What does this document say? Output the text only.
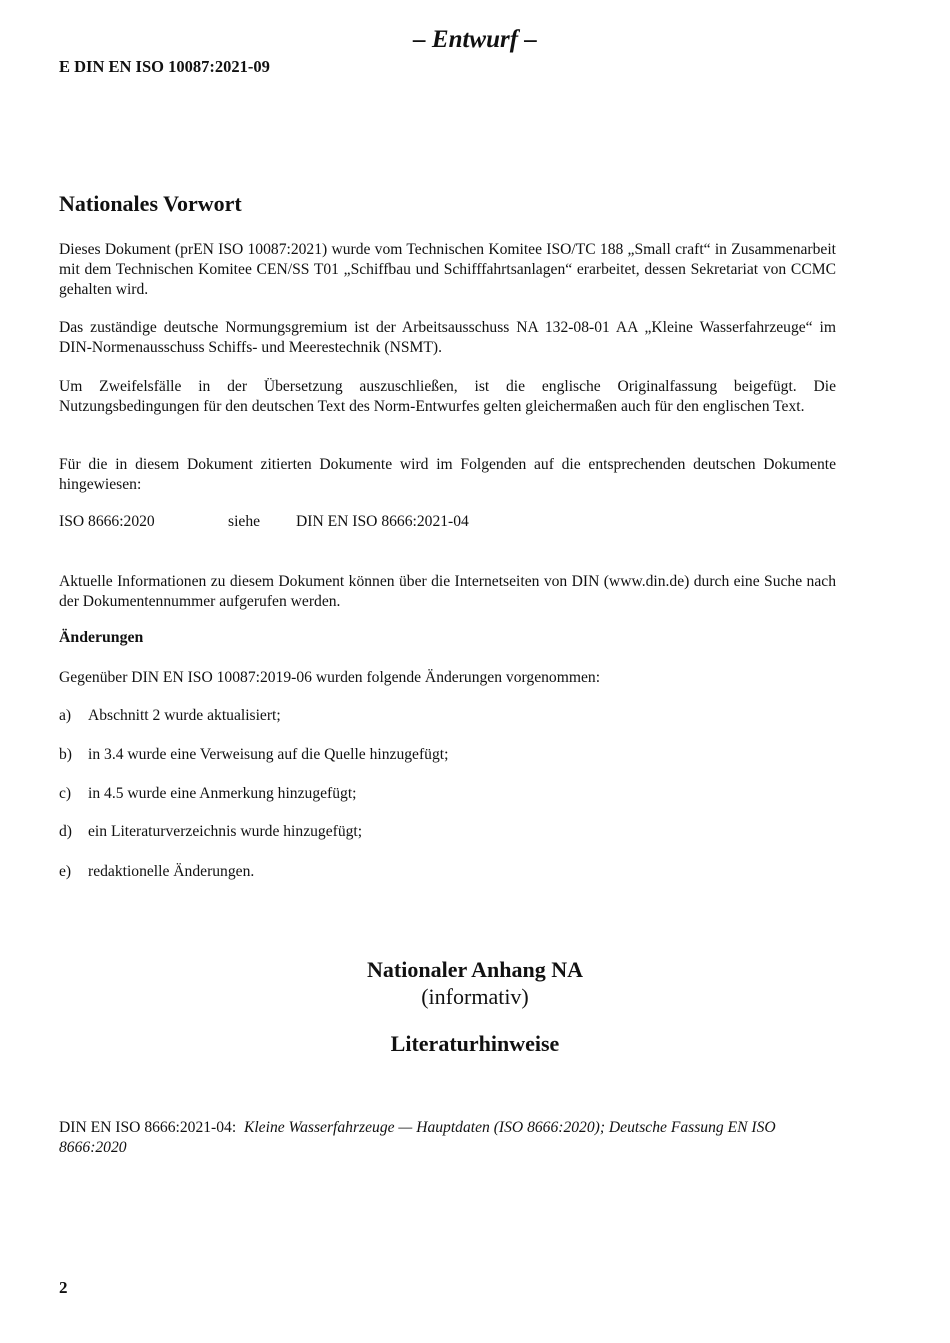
– Entwurf –
E DIN EN ISO 10087:2021-09
Nationales Vorwort

Dieses Dokument (prEN ISO 10087:2021) wurde vom Technischen Komitee ISO/TC 188 „Small craft“ in Zusammenarbeit mit dem Technischen Komitee CEN/SS T01 „Schiffbau und Schifffahrtsanlagen“ erarbeitet, dessen Sekretariat von CCMC gehalten wird.

Das zuständige deutsche Normungsgremium ist der Arbeitsausschuss NA 132-08-01 AA „Kleine Wasserfahrzeuge“ im DIN-Normenausschuss Schiffs- und Meerestechnik (NSMT).

Um Zweifelsfälle in der Übersetzung auszuschließen, ist die englische Originalfassung beigefügt. Die Nutzungsbedingungen für den deutschen Text des Norm-Entwurfes gelten gleichermaßen auch für den englischen Text.

Für die in diesem Dokument zitierten Dokumente wird im Folgenden auf die entsprechenden deutschen Dokumente hingewiesen:

ISO 8666:2020	siehe DIN EN ISO 8666:2021-04

Aktuelle Informationen zu diesem Dokument können über die Internetseiten von DIN (www.din.de) durch eine Suche nach der Dokumentennummer aufgerufen werden.

Änderungen
Gegenüber DIN EN ISO 10087:2019-06 wurden folgende Änderungen vorgenommen:
a) Abschnitt 2 wurde aktualisiert;
b) in 3.4 wurde eine Verweisung auf die Quelle hinzugefügt;
c) in 4.5 wurde eine Anmerkung hinzugefügt;
d) ein Literaturverzeichnis wurde hinzugefügt;
e) redaktionelle Änderungen.
Nationaler Anhang NA
(informativ)
Literaturhinweise
DIN EN ISO 8666:2021-04: Kleine Wasserfahrzeuge — Hauptdaten (ISO 8666:2020); Deutsche Fassung EN ISO 8666:2020
2
